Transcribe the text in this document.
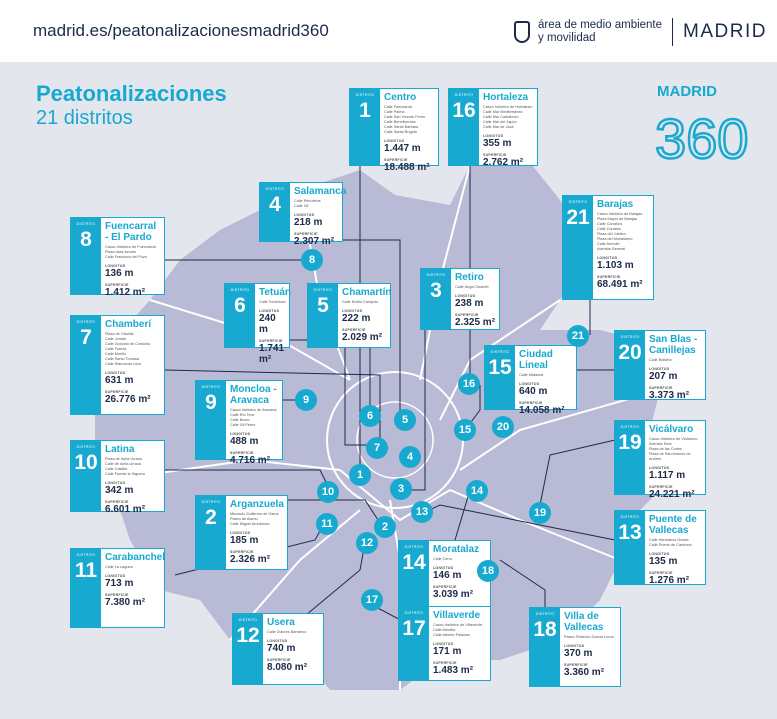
madrid.es/peatonalizacionesmadrid360	área de medio ambiente
y movilidad	MADRID
Peatonalizaciones
21 distritos
MADRID
360
DISTRITO
1
Centro
Calle Fuencarral
Calle Palma
Calle San Vicente Ferrer
Calle Beneficencia
Calle Santa Bárbara
Calle Santa Brígida
LONGITUD
1.447 m
SUPERFICIE
18.488 m²
DISTRITO
16
Hortaleza
Casco histórico de Hortaleza:
Calle Mar Mediterráneo
Calle Mar Cantábrico
Calle Mar del Japón
Calle Mar de Java
LONGITUD
355 m
SUPERFICIE
2.762 m²
DISTRITO
4
Salamanca
Calle Recoletos
Calle Gil
LONGITUD
218 m
SUPERFICIE
2.307 m²
DISTRITO
8
Fuencarral - El Pardo
Casco histórico de Fuencarral:
Plaza Islas Azores
Calle Francisco del Pozo
LONGITUD
136 m
SUPERFICIE
1.412 m²
DISTRITO
21
Barajas
Casco histórico de Barajas:
Plaza Mayor de Barajas
Calle Corraliza
Calle Corrales
Plaza del Jubileo
Plaza del Monasterio
Calle Arrecife
Avenida General
LONGITUD
1.103 m
SUPERFICIE
68.491 m²
DISTRITO
6
Tetuán
Calle Tomelloso
LONGITUD
240 m
SUPERFICIE
1.741 m²
DISTRITO
5
Chamartín
Calle Emilio Campión
LONGITUD
222 m
SUPERFICIE
2.029 m²
DISTRITO
3
Retiro
Calle Ángel Gavinet
LONGITUD
238 m
SUPERFICIE
2.325 m²
DISTRITO
7
Chamberí
Plaza de Olavide
Calle Jordán
Calle Gonzalo de Córdoba
Calle Fuenla
Calle Murillo
Calle Santo Tomasa
Calle Raimundo Lulio
LONGITUD
631 m
SUPERFICIE
26.776 m²
DISTRITO
15
Ciudad Lineal
Calle Matamia
LONGITUD
640 m
SUPERFICIE
14.058 m²
DISTRITO
20
San Blas - Canillejas
Calle Boltaña
LONGITUD
207 m
SUPERFICIE
3.373 m²
DISTRITO
9
Moncloa - Aravaca
Casco histórico de Aravaca:
Calle Río Tera
Calle Bravo
Calle Gil Pérez
LONGITUD
488 m
SUPERFICIE
4.716 m²
DISTRITO
19
Vicálvaro
Casco histórico de Vicálvaro:
Avenida Real
Plaza de las Cortes
Plaza de San Antonio de Andrés
LONGITUD
1.117 m
SUPERFICIE
24.221 m²
DISTRITO
10
Latina
Plaza de doña Urraca
Calle de doña Urraca
Calle Castilla
Calle Fuente la Higuera
LONGITUD
342 m
SUPERFICIE
6.601 m²
DISTRITO
2
Arganzuela
Mercado Guillermo de Osma
Paseo de Alamo
Calle Miguel Arredondo
LONGITUD
185 m
SUPERFICIE
2.326 m²
DISTRITO
11
Carabanchel
Calle La Laguna
LONGITUD
713 m
SUPERFICIE
7.380 m²
DISTRITO
14
Moratalaz
Calle Cerro
LONGITUD
146 m
SUPERFICIE
3.039 m²
DISTRITO
13
Puente de Vallecas
Calle Hermanos Gracia
Calle Puerto de Canfranc
LONGITUD
135 m
SUPERFICIE
1.276 m²
DISTRITO
12
Usera
Calle Dolores Barranco
LONGITUD
740 m
SUPERFICIE
8.080 m²
DISTRITO
17
Villaverde
Casco histórico de Villaverde:
Calle Arbolito
Calle Alberto Palacios
LONGITUD
171 m
SUPERFICIE
1.483 m²
DISTRITO
18
Villa de Vallecas
Paseo Federico García Lorca
LONGITUD
370 m
SUPERFICIE
3.360 m²
1
16
4
8
21
6	5
3
7
15	20
9
19
10
2
11
14
13
12
17
18
